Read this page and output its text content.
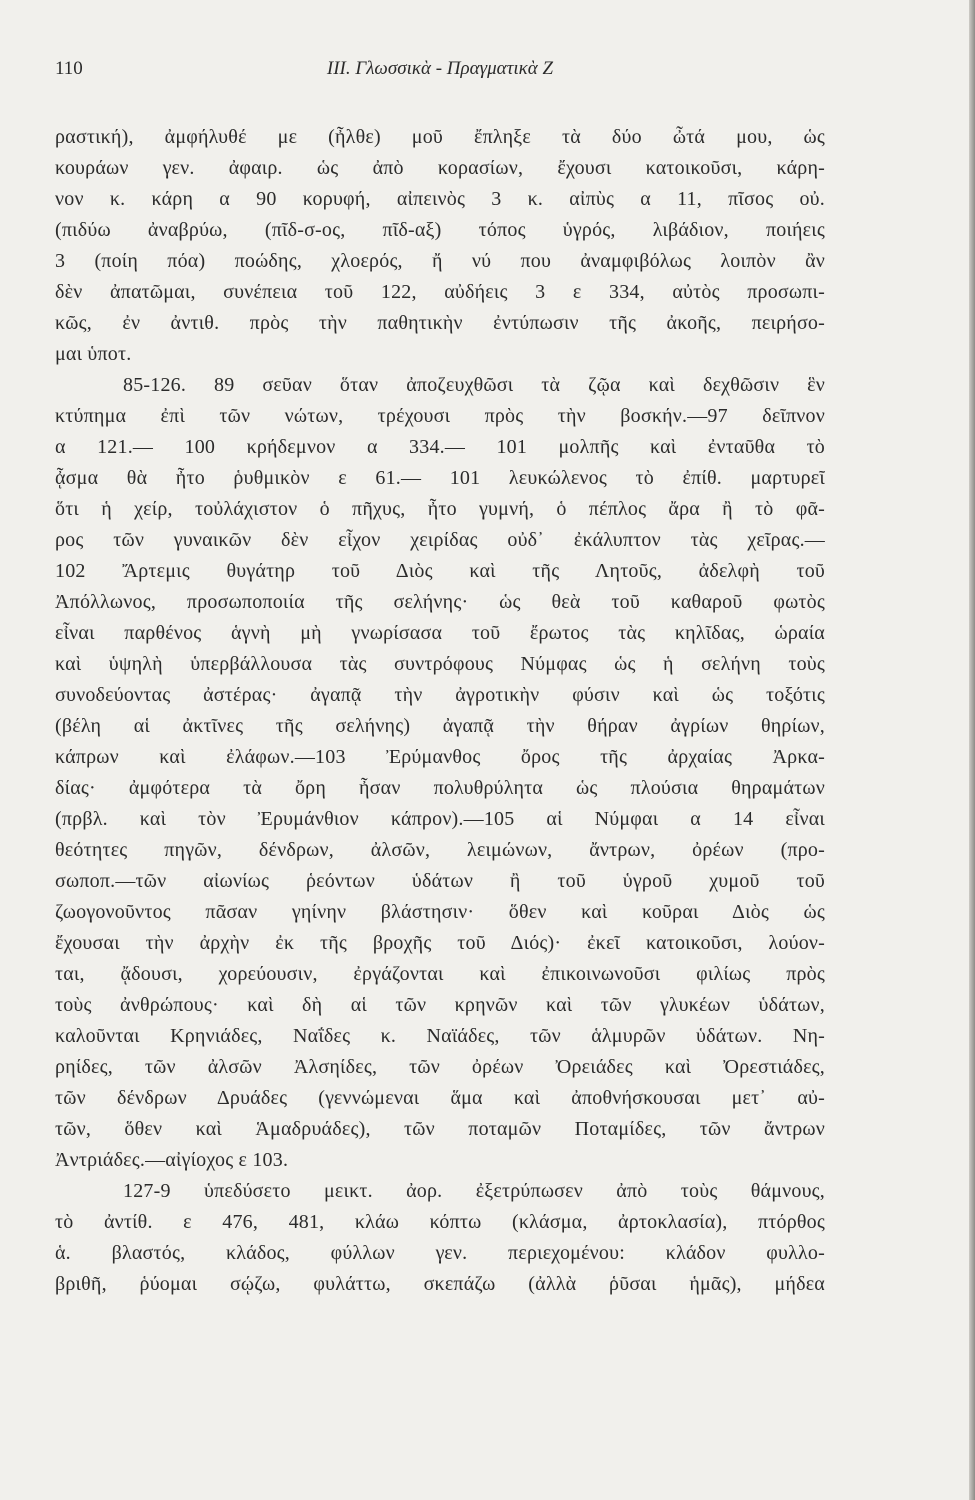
110	ΙΙΙ. Γλωσσικὰ - Πραγματικὰ Ζ
ραστική), ἀμφήλυθέ με (ἦλθε) μοῦ ἔπληξε τὰ δύο ὦτά μου, ὡς
κουράων γεν. ἀφαιρ. ὡς ἀπὸ κορασίων, ἔχουσι κατοικοῦσι, κάρη-
νον κ. κάρη α 90 κορυφή, αἰπεινὸς 3 κ. αἰπὺς α 11, πῖσος οὐ.
(πιδύω ἀναβρύω, (πῖδ-σ-ος, πῖδ-αξ) τόπος ὑγρός, λιβάδιον, ποιήεις
3 (ποίη πόα) ποώδης, χλοερός, ἤ νύ που ἀναμφιβόλως λοιπὸν ἂν
δὲν ἀπατῶμαι, συνέπεια τοῦ 122, αὐδήεις 3 ε 334, αὐτὸς προσωπι-
κῶς, ἐν ἀντιθ. πρὸς τὴν παθητικὴν ἐντύπωσιν τῆς ἀκοῆς, πειρήσο-
μαι ὑποτ.
85-126. 89 σεῦαν ὅταν ἀποζευχθῶσι τὰ ζῷα καὶ δεχθῶσιν ἓν
κτύπημα ἐπὶ τῶν νώτων, τρέχουσι πρὸς τὴν βοσκήν.—97 δεῖπνον
α 121.— 100 κρήδεμνον α 334.— 101 μολπῆς καὶ ἐνταῦθα τὸ
ᾆσμα θὰ ἦτο ῥυθμικὸν ε 61.— 101 λευκώλενος τὸ ἐπίθ. μαρτυρεῖ
ὅτι ἡ χείρ, τοὐλάχιστον ὁ πῆχυς, ἦτο γυμνή, ὁ πέπλος ἄρα ἢ τὸ φᾶ-
ρος τῶν γυναικῶν δὲν εἶχον χειρίδας οὐδ᾽ ἐκάλυπτον τὰς χεῖρας.—
102 Ἄρτεμις θυγάτηρ τοῦ Διὸς καὶ τῆς Λητοῦς, ἀδελφὴ τοῦ
Ἀπόλλωνος, προσωποποιία τῆς σελήνης· ὡς θεὰ τοῦ καθαροῦ φωτὸς
εἶναι παρθένος ἁγνὴ μὴ γνωρίσασα τοῦ ἔρωτος τὰς κηλῖδας, ὡραία
καὶ ὑψηλὴ ὑπερβάλλουσα τὰς συντρόφους Νύμφας ὡς ἡ σελήνη τοὺς
συνοδεύοντας ἀστέρας· ἀγαπᾷ τὴν ἀγροτικὴν φύσιν καὶ ὡς τοξότις
(βέλη αἱ ἀκτῖνες τῆς σελήνης) ἀγαπᾷ τὴν θήραν ἀγρίων θηρίων,
κάπρων καὶ ἐλάφων.—103 Ἐρύμανθος ὄρος τῆς ἀρχαίας Ἀρκα-
δίας· ἀμφότερα τὰ ὄρη ἦσαν πολυθρύλητα ὡς πλούσια θηραμάτων
(πρβλ. καὶ τὸν Ἐρυμάνθιον κάπρον).—105 αἱ Νύμφαι α 14 εἶναι
θεότητες πηγῶν, δένδρων, ἀλσῶν, λειμώνων, ἄντρων, ὀρέων (προ-
σωποπ.—τῶν αἰωνίως ῥεόντων ὑδάτων ἢ τοῦ ὑγροῦ χυμοῦ τοῦ
ζωογονοῦντος πᾶσαν γηίνην βλάστησιν· ὅθεν καὶ κοῦραι Διὸς ὡς
ἔχουσαι τὴν ἀρχὴν ἐκ τῆς βροχῆς τοῦ Διός)· ἐκεῖ κατοικοῦσι, λούον-
ται, ᾄδουσι, χορεύουσιν, ἐργάζονται καὶ ἐπικοινωνοῦσι φιλίως πρὸς
τοὺς ἀνθρώπους· καὶ δὴ αἱ τῶν κρηνῶν καὶ τῶν γλυκέων ὑδάτων,
καλοῦνται Κρηνιάδες, Ναΐδες κ. Ναϊάδες, τῶν ἁλμυρῶν ὑδάτων. Νη-
ρηίδες, τῶν ἀλσῶν Ἀλσηίδες, τῶν ὀρέων Ὀρειάδες καὶ Ὀρεστιάδες,
τῶν δένδρων Δρυάδες (γεννώμεναι ἅμα καὶ ἀποθνήσκουσαι μετ᾽ αὐ-
τῶν, ὅθεν καὶ Ἁμαδρυάδες), τῶν ποταμῶν Ποταμίδες, τῶν ἄντρων
Ἀντριάδες.—αἰγίοχος ε 103.
127-9 ὑπεδύσετο μεικτ. ἀορ. ἐξετρύπωσεν ἀπὸ τοὺς θάμνους,
τὸ ἀντίθ. ε 476, 481, κλάω κόπτω (κλάσμα, ἀρτοκλασία), πτόρθος
ἁ. βλαστός, κλάδος, φύλλων γεν. περιεχομένου: κλάδον φυλλο-
βριθῆ, ῥύομαι σῴζω, φυλάττω, σκεπάζω (ἀλλὰ ῥῦσαι ἡμᾶς), μήδεα
